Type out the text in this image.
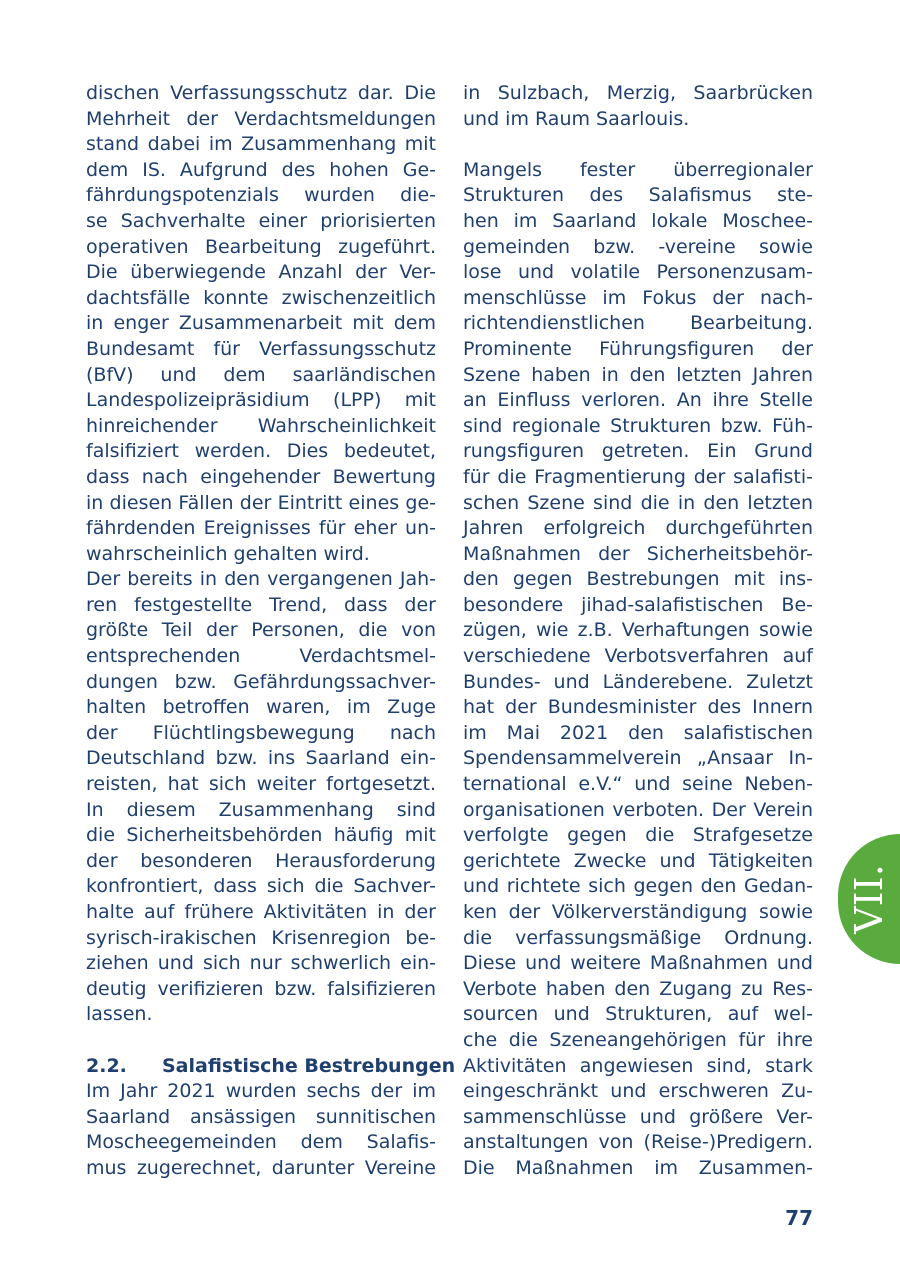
dischen Verfassungsschutz dar. Die
Mehrheit der Verdachtsmeldungen
stand dabei im Zusammenhang mit
dem IS. Aufgrund des hohen Ge-
fährdungspotenzials wurden die-
se Sachverhalte einer priorisierten
operativen Bearbeitung zugeführt.
Die überwiegende Anzahl der Ver-
dachtsfälle konnte zwischenzeitlich
in enger Zusammenarbeit mit dem
Bundesamt für Verfassungsschutz
(BfV) und dem saarländischen
Landespolizeipräsidium (LPP) mit
hinreichender Wahrscheinlichkeit
falsifiziert werden. Dies bedeutet,
dass nach eingehender Bewertung
in diesen Fällen der Eintritt eines ge-
fährdenden Ereignisses für eher un-
wahrscheinlich gehalten wird.
Der bereits in den vergangenen Jah-
ren festgestellte Trend, dass der
größte Teil der Personen, die von
entsprechenden Verdachtsmel-
dungen bzw. Gefährdungssachver-
halten betroffen waren, im Zuge
der Flüchtlingsbewegung nach
Deutschland bzw. ins Saarland ein-
reisten, hat sich weiter fortgesetzt.
In diesem Zusammenhang sind
die Sicherheitsbehörden häufig mit
der besonderen Herausforderung
konfrontiert, dass sich die Sachver-
halte auf frühere Aktivitäten in der
syrisch-irakischen Krisenregion be-
ziehen und sich nur schwerlich ein-
deutig verifizieren bzw. falsifizieren
lassen.
2.2. Salafistische Bestrebungen
Im Jahr 2021 wurden sechs der im
Saarland ansässigen sunnitischen
Moscheegemeinden dem Salafis-
mus zugerechnet, darunter Vereine
in Sulzbach, Merzig, Saarbrücken
und im Raum Saarlouis.
Mangels fester überregionaler
Strukturen des Salafismus ste-
hen im Saarland lokale Moschee-
gemeinden bzw. -vereine sowie
lose und volatile Personenzusam-
menschlüsse im Fokus der nach-
richtendienstlichen Bearbeitung.
Prominente Führungsfiguren der
Szene haben in den letzten Jahren
an Einfluss verloren. An ihre Stelle
sind regionale Strukturen bzw. Füh-
rungsfiguren getreten. Ein Grund
für die Fragmentierung der salafisti-
schen Szene sind die in den letzten
Jahren erfolgreich durchgeführten
Maßnahmen der Sicherheitsbehör-
den gegen Bestrebungen mit ins-
besondere jihad-salafistischen Be-
zügen, wie z.B. Verhaftungen sowie
verschiedene Verbotsverfahren auf
Bundes- und Länderebene. Zuletzt
hat der Bundesminister des Innern
im Mai 2021 den salafistischen
Spendensammelverein „Ansaar In-
ternational e.V.“ und seine Neben-
organisationen verboten. Der Verein
verfolgte gegen die Strafgesetze
gerichtete Zwecke und Tätigkeiten
und richtete sich gegen den Gedan-
ken der Völkerverständigung sowie
die verfassungsmäßige Ordnung.
Diese und weitere Maßnahmen und
Verbote haben den Zugang zu Res-
sourcen und Strukturen, auf wel-
che die Szeneangehörigen für ihre
Aktivitäten angewiesen sind, stark
eingeschränkt und erschweren Zu-
sammenschlüsse und größere Ver-
anstaltungen von (Reise-)Predigern.
Die Maßnahmen im Zusammen-
VII.
77
